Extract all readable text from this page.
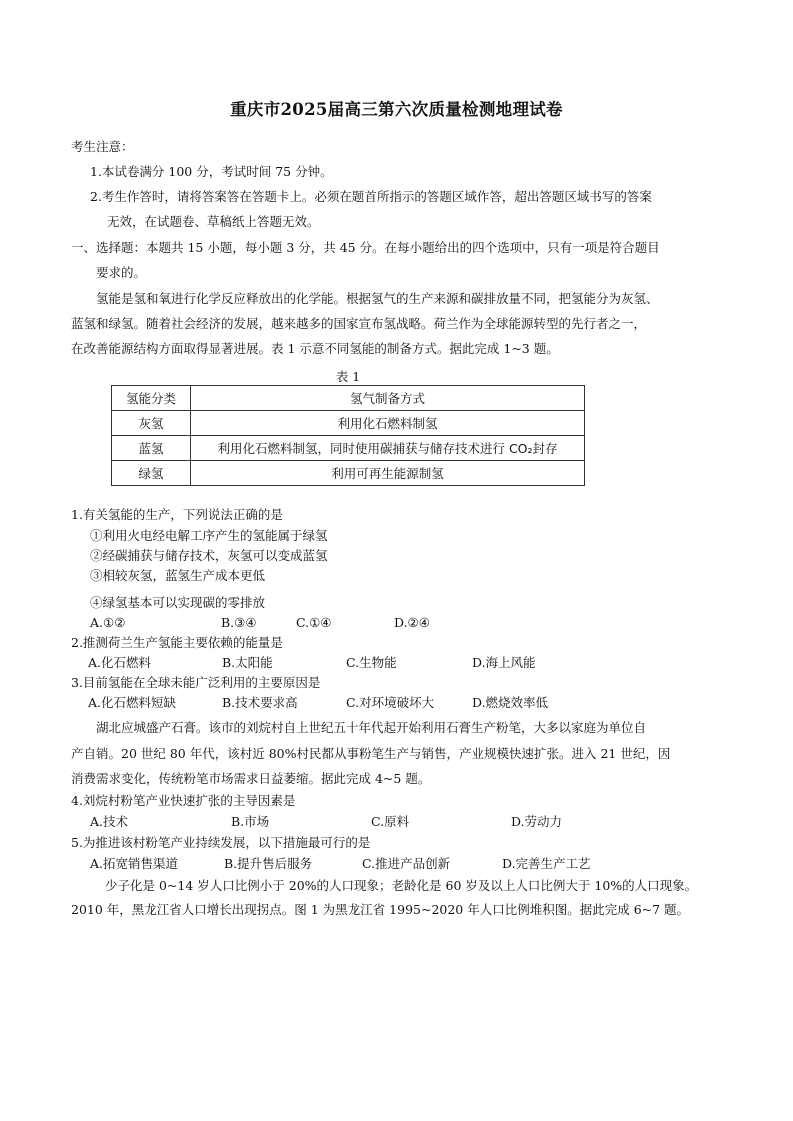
重庆市2025届高三第六次质量检测地理试卷
考生注意：
1.本试卷满分 100 分，考试时间 75 分钟。
2.考生作答时，请将答案答在答题卡上。必须在题首所指示的答题区域作答，超出答题区域书写的答案
无效，在试题卷、草稿纸上答题无效。
一、选择题：本题共 15 小题，每小题 3 分，共 45 分。在每小题给出的四个选项中，只有一项是符合题目
要求的。
氢能是氢和氧进行化学反应释放出的化学能。根据氢气的生产来源和碳排放量不同，把氢能分为灰氢、
蓝氢和绿氢。随着社会经济的发展，越来越多的国家宣布氢战略。荷兰作为全球能源转型的先行者之一，
在改善能源结构方面取得显著进展。表 1 示意不同氢能的制备方式。据此完成 1~3 题。
表 1
氢能分类	氢气制备方式
灰氢	利用化石燃料制氢
蓝氢	利用化石燃料制氢，同时使用碳捕获与储存技术进行 CO₂封存
绿氢	利用可再生能源制氢
1.有关氢能的生产，下列说法正确的是
①利用火电经电解工序产生的氢能属于绿氢
②经碳捕获与储存技术，灰氢可以变成蓝氢
③相较灰氢，蓝氢生产成本更低
④绿氢基本可以实现碳的零排放
A.①②	B.③④	C.①④	D.②④
2.推测荷兰生产氢能主要依赖的能量是
A.化石燃料	B.太阳能	C.生物能	D.海上风能
3.目前氢能在全球未能广泛利用的主要原因是
A.化石燃料短缺	B.技术要求高	C.对环境破坏大	D.燃烧效率低
湖北应城盛产石膏。该市的刘烷村自上世纪五十年代起开始利用石膏生产粉笔，大多以家庭为单位自
产自销。20 世纪 80 年代，该村近 80%村民都从事粉笔生产与销售，产业规模快速扩张。进入 21 世纪，因
消费需求变化，传统粉笔市场需求日益萎缩。据此完成 4~5 题。
4.刘烷村粉笔产业快速扩张的主导因素是
A.技术	B.市场	C.原料	D.劳动力
5.为推进该村粉笔产业持续发展，以下措施最可行的是
A.拓宽销售渠道	B.提升售后服务	C.推进产品创新	D.完善生产工艺
少子化是 0~14 岁人口比例小于 20%的人口现象；老龄化是 60 岁及以上人口比例大于 10%的人口现象。
2010 年，黑龙江省人口增长出现拐点。图 1 为黑龙江省 1995~2020 年人口比例堆积图。据此完成 6~7 题。
